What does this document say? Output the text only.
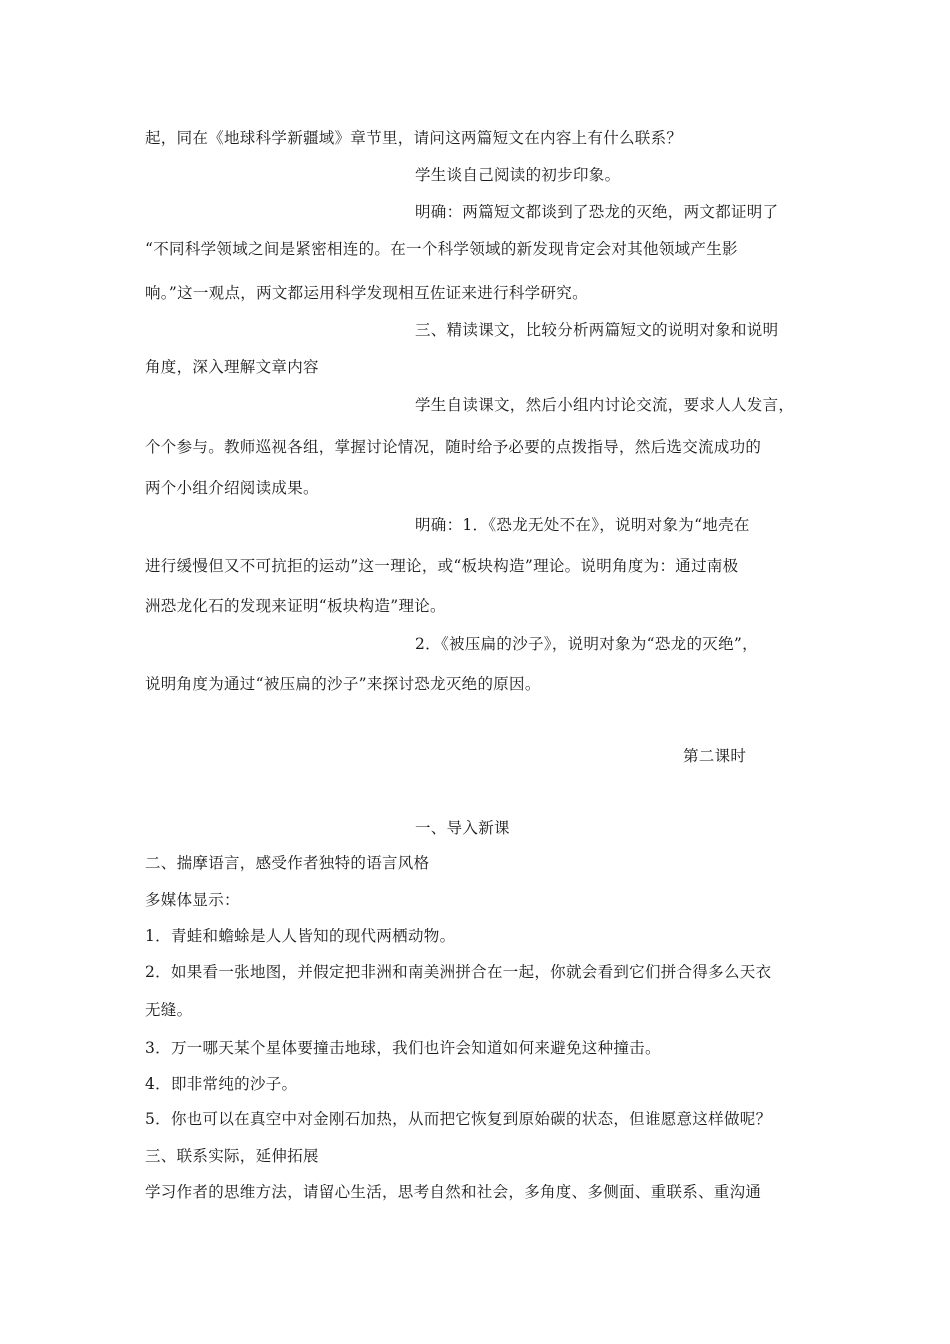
起，同在《地球科学新疆域》章节里，请问这两篇短文在内容上有什么联系？
学生谈自己阅读的初步印象。
明确：两篇短文都谈到了恐龙的灭绝，两文都证明了
“不同科学领域之间是紧密相连的。在一个科学领域的新发现肯定会对其他领域产生影
响。”这一观点，两文都运用科学发现相互佐证来进行科学研究。
三、精读课文，比较分析两篇短文的说明对象和说明
角度，深入理解文章内容
学生自读课文，然后小组内讨论交流，要求人人发言，
个个参与。教师巡视各组，掌握讨论情况，随时给予必要的点拨指导，然后选交流成功的
两个小组介绍阅读成果。
明确：1．《恐龙无处不在》，说明对象为“地壳在
进行缓慢但又不可抗拒的运动”这一理论，或“板块构造”理论。说明角度为：通过南极
洲恐龙化石的发现来证明“板块构造”理论。
2．《被压扁的沙子》，说明对象为“恐龙的灭绝”，
说明角度为通过“被压扁的沙子”来探讨恐龙灭绝的原因。
第二课时
一、导入新课
二、揣摩语言，感受作者独特的语言风格
多媒体显示：
1．青蛙和蟾蜍是人人皆知的现代两栖动物。
2．如果看一张地图，并假定把非洲和南美洲拼合在一起，你就会看到它们拼合得多么天衣
无缝。
3．万一哪天某个星体要撞击地球，我们也许会知道如何来避免这种撞击。
4．即非常纯的沙子。
5．你也可以在真空中对金刚石加热，从而把它恢复到原始碳的状态，但谁愿意这样做呢？
三、联系实际，延伸拓展
学习作者的思维方法，请留心生活，思考自然和社会，多角度、多侧面、重联系、重沟通
